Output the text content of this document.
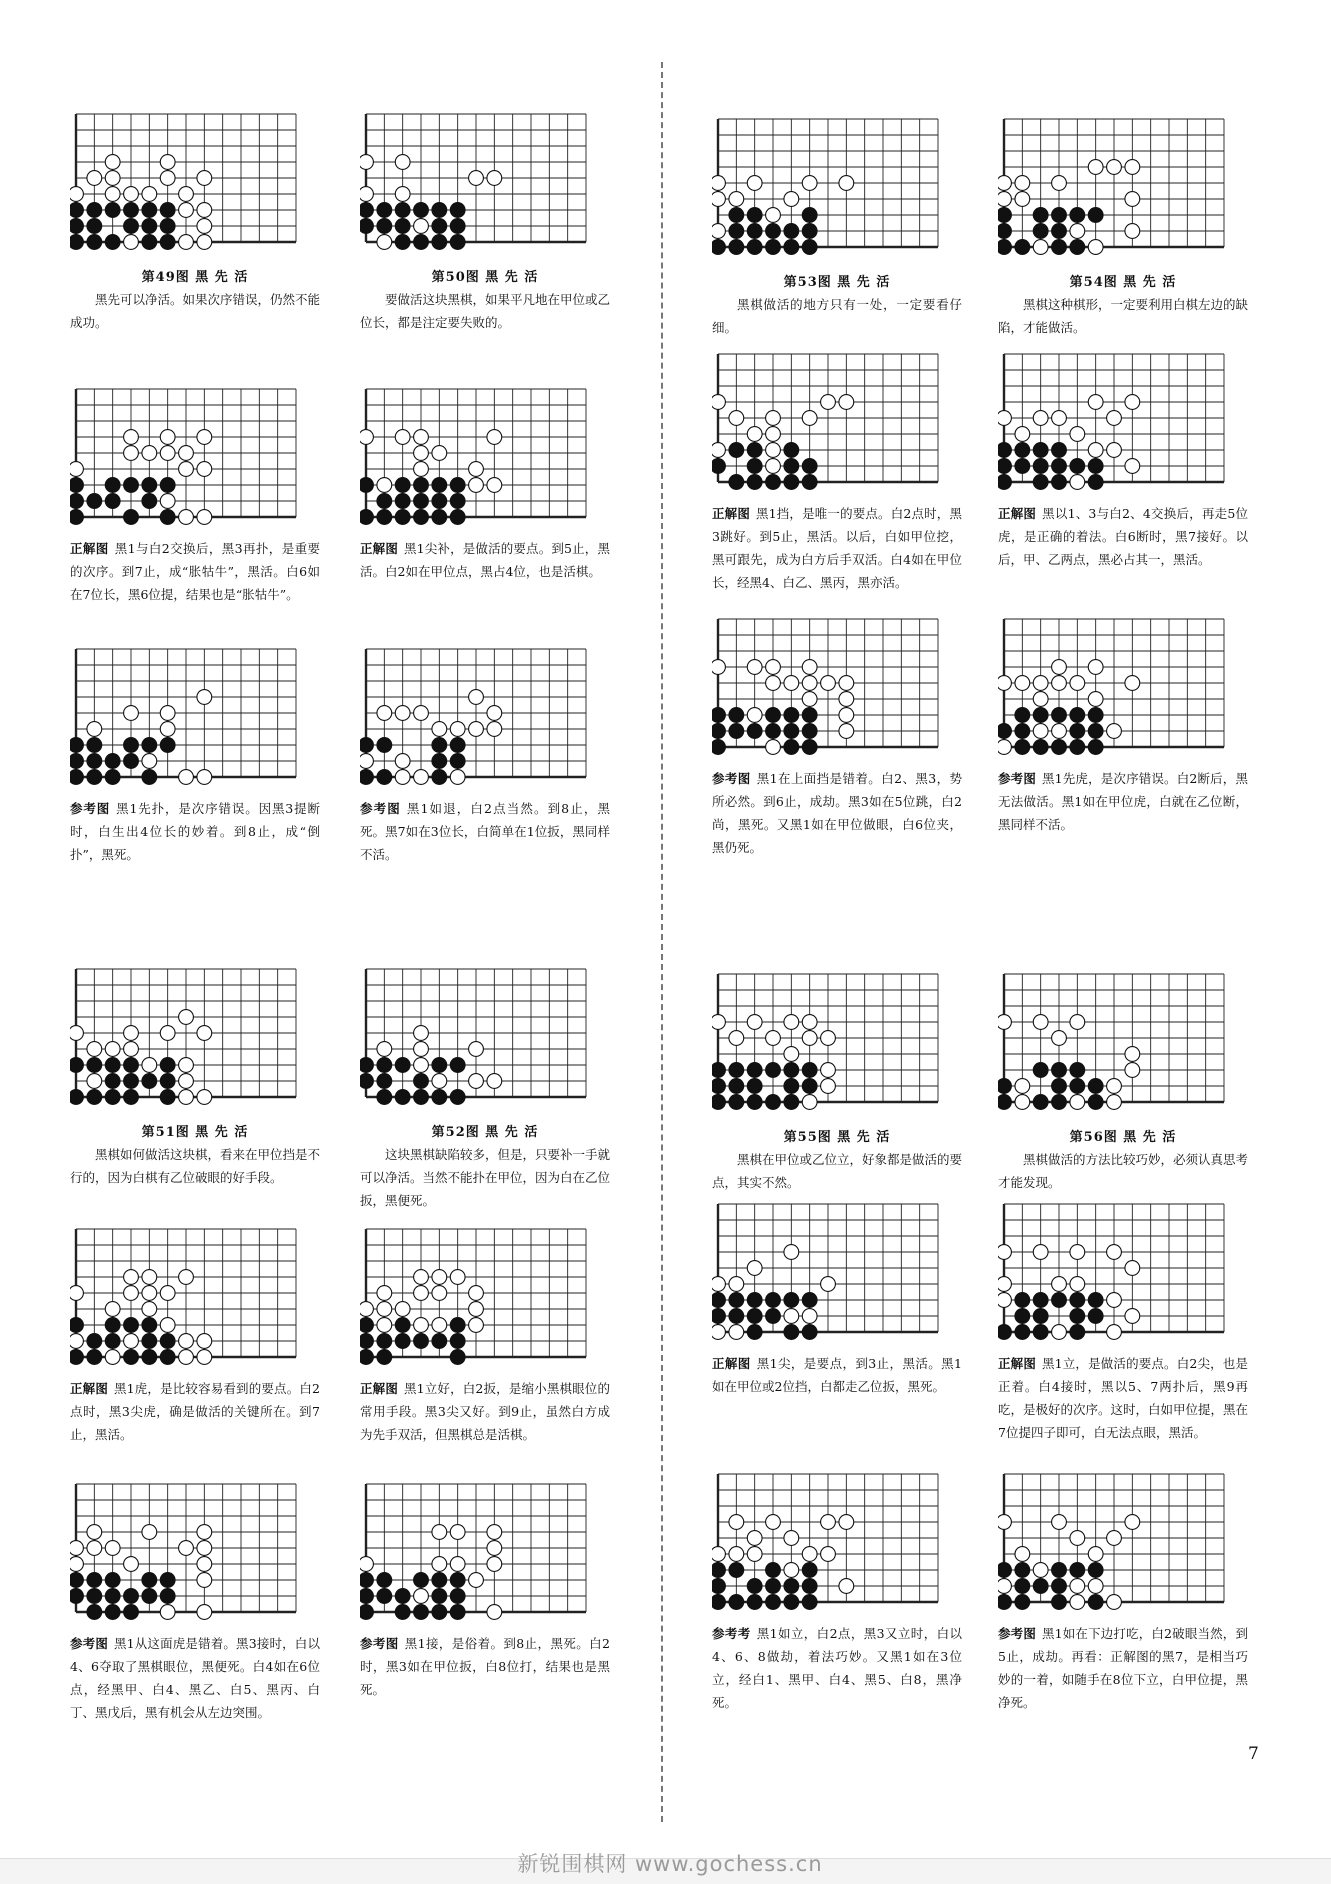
第49图 黑 先 活
黑先可以净活。如果次序错误，仍然不能成功。
第50图 黑 先 活
要做活这块黑棋，如果平凡地在甲位或乙位长，都是注定要失败的。
第53图 黑 先 活
黑棋做活的地方只有一处，一定要看仔细。
第54图 黑 先 活
黑棋这种棋形，一定要利用白棋左边的缺陷，才能做活。
正解图 黑1与白2交换后，黑3再扑，是重要的次序。到7止，成“胀牯牛”，黑活。白6如在7位长，黑6位提，结果也是“胀牯牛”。
正解图 黑1尖补，是做活的要点。到5止，黑活。白2如在甲位点，黑占4位，也是活棋。
正解图 黑1挡，是唯一的要点。白2点时，黑3跳好。到5止，黑活。以后，白如甲位挖，黑可跟先，成为白方后手双活。白4如在甲位长，经黑4、白乙、黑丙，黑亦活。
正解图 黑以1、3与白2、4交换后，再走5位虎，是正确的着法。白6断时，黑7接好。以后，甲、乙两点，黑必占其一，黑活。
参考图 黑1先扑，是次序错误。因黑3提断时，白生出4位长的妙着。到8止，成“倒扑”，黑死。
参考图 黑1如退，白2点当然。到8止，黑死。黑7如在3位长，白简单在1位扳，黑同样不活。
参考图 黑1在上面挡是错着。白2、黑3，势所必然。到6止，成劫。黑3如在5位跳，白2尚，黑死。又黑1如在甲位做眼，白6位夹，黑仍死。
参考图 黑1先虎，是次序错误。白2断后，黑无法做活。黑1如在甲位虎，白就在乙位断，黑同样不活。
第51图 黑 先 活
黑棋如何做活这块棋，看来在甲位挡是不行的，因为白棋有乙位破眼的好手段。
第52图 黑 先 活
这块黑棋缺陷较多，但是，只要补一手就可以净活。当然不能扑在甲位，因为白在乙位扳，黑便死。
第55图 黑 先 活
黑棋在甲位或乙位立，好象都是做活的要点，其实不然。
第56图 黑 先 活
黑棋做活的方法比较巧妙，必须认真思考才能发现。
正解图 黑1虎，是比较容易看到的要点。白2点时，黑3尖虎，确是做活的关键所在。到7止，黑活。
正解图 黑1立好，白2扳，是缩小黑棋眼位的常用手段。黑3尖又好。到9止，虽然白方成为先手双活，但黑棋总是活棋。
正解图 黑1尖，是要点，到3止，黑活。黑1如在甲位或2位挡，白都走乙位扳，黑死。
正解图 黑1立，是做活的要点。白2尖，也是正着。白4接时，黑以5、7两扑后，黑9再吃，是极好的次序。这时，白如甲位提，黑在7位提四子即可，白无法点眼，黑活。
参考图 黑1从这面虎是错着。黑3接时，白以4、6夺取了黑棋眼位，黑便死。白4如在6位点，经黑甲、白4、黑乙、白5、黑丙、白丁、黑戊后，黑有机会从左边突围。
参考图 黑1接，是俗着。到8止，黑死。白2时，黑3如在甲位扳，白8位打，结果也是黑死。
参考考 黑1如立，白2点，黑3又立时，白以4、6、8做劫，着法巧妙。又黑1如在3位立，经白1、黑甲、白4、黑5、白8，黑净死。
参考图 黑1如在下边打吃，白2破眼当然，到5止，成劫。再看：正解图的黑7，是相当巧妙的一着，如随手在8位下立，白甲位提，黑净死。
7
新锐围棋网 www.gochess.cn
